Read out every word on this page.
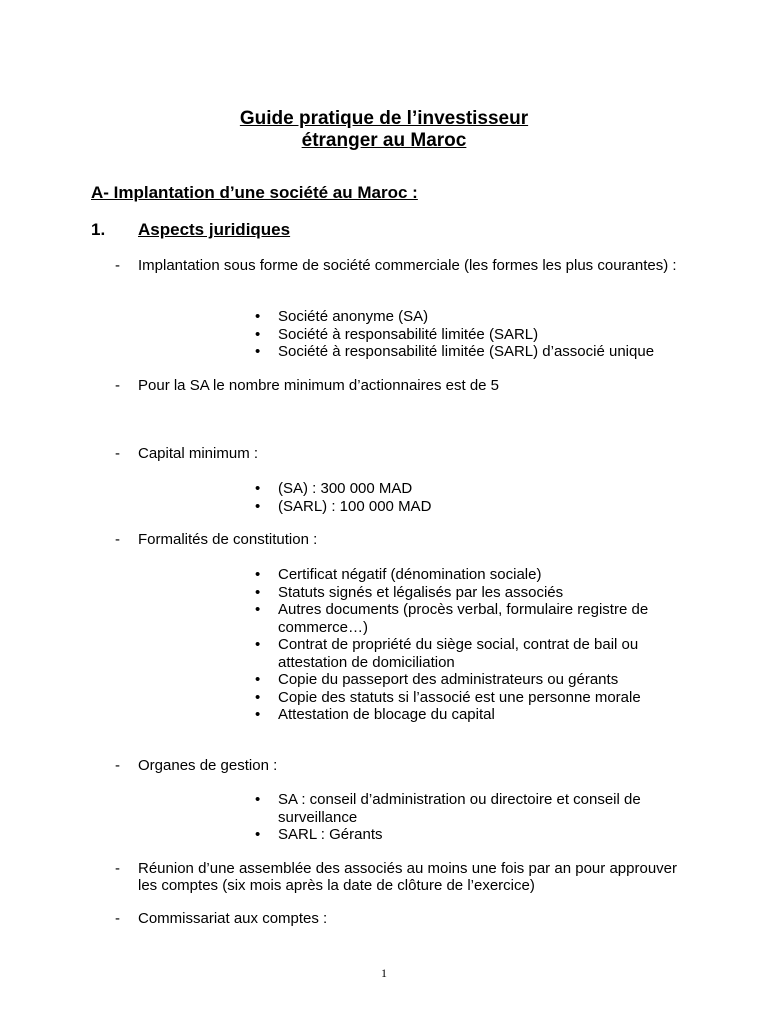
Guide pratique de l’investisseur
étranger au Maroc
A- Implantation d’une société au Maroc :
1. Aspects juridiques
- Implantation sous forme de société commerciale (les formes les plus courantes) :
• Société anonyme (SA)
• Société à responsabilité limitée (SARL)
• Société à responsabilité limitée (SARL) d’associé unique
- Pour la SA le nombre minimum d’actionnaires est de 5
- Capital minimum :
• (SA) : 300 000 MAD
• (SARL) : 100 000 MAD
- Formalités de constitution :
• Certificat négatif (dénomination sociale)
• Statuts signés et légalisés par les associés
• Autres documents (procès verbal, formulaire registre de commerce…)
• Contrat de propriété du siège social, contrat de bail ou attestation de domiciliation
• Copie du passeport des administrateurs ou gérants
• Copie des statuts si l’associé est une personne morale
• Attestation de blocage du capital
- Organes de gestion :
• SA : conseil d’administration ou directoire et conseil de surveillance
• SARL : Gérants
- Réunion d’une assemblée des associés au moins une fois par an pour approuver les comptes (six mois après la date de clôture de l’exercice)
- Commissariat aux comptes :
1
